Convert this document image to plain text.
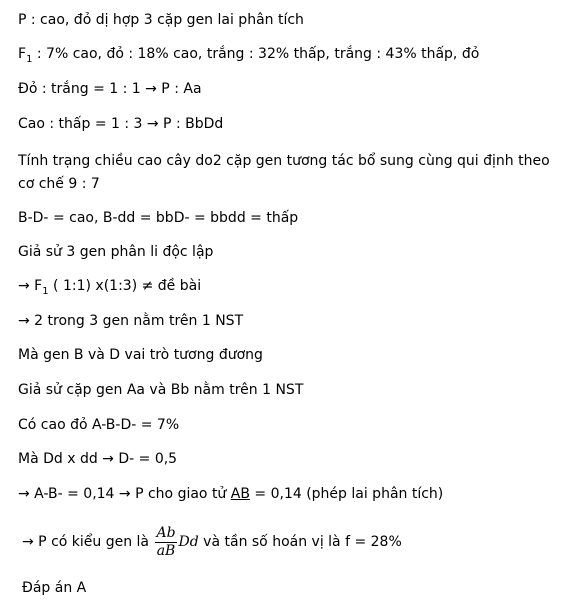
P : cao, đỏ dị hợp 3 cặp gen lai phân tích
$F_1$ : 7% cao, đỏ : 18% cao, trắng : 32% thấp, trắng : 43% thấp, đỏ
Đỏ : trắng = 1 : 1 → P : Aa
Cao : thấp = 1 : 3 → P : BbDd
Tính trạng chiều cao cây do2 cặp gen tương tác bổ sung cùng qui định theo cơ chế 9 : 7
B-D- = cao, B-dd = bbD- = bbdd = thấp
Giả sử 3 gen phân li độc lập
→ $F_1$ ( 1:1) x(1:3) ≠ đề bài
→ 2 trong 3 gen nằm trên 1 NST
Mà gen B và D vai trò tương đương
Giả sử cặp gen Aa và Bb nằm trên 1 NST
Có cao đỏ A-B-D- = 7%
Mà Dd x dd → D- = 0,5
→ A-B- = 0,14 → P cho giao tử AB = 0,14 (phép lai phân tích)
→ P có kiểu gen là $\frac{Ab}{aB}$ Dd và tần số hoán vị là f = 28%
Đáp án A
